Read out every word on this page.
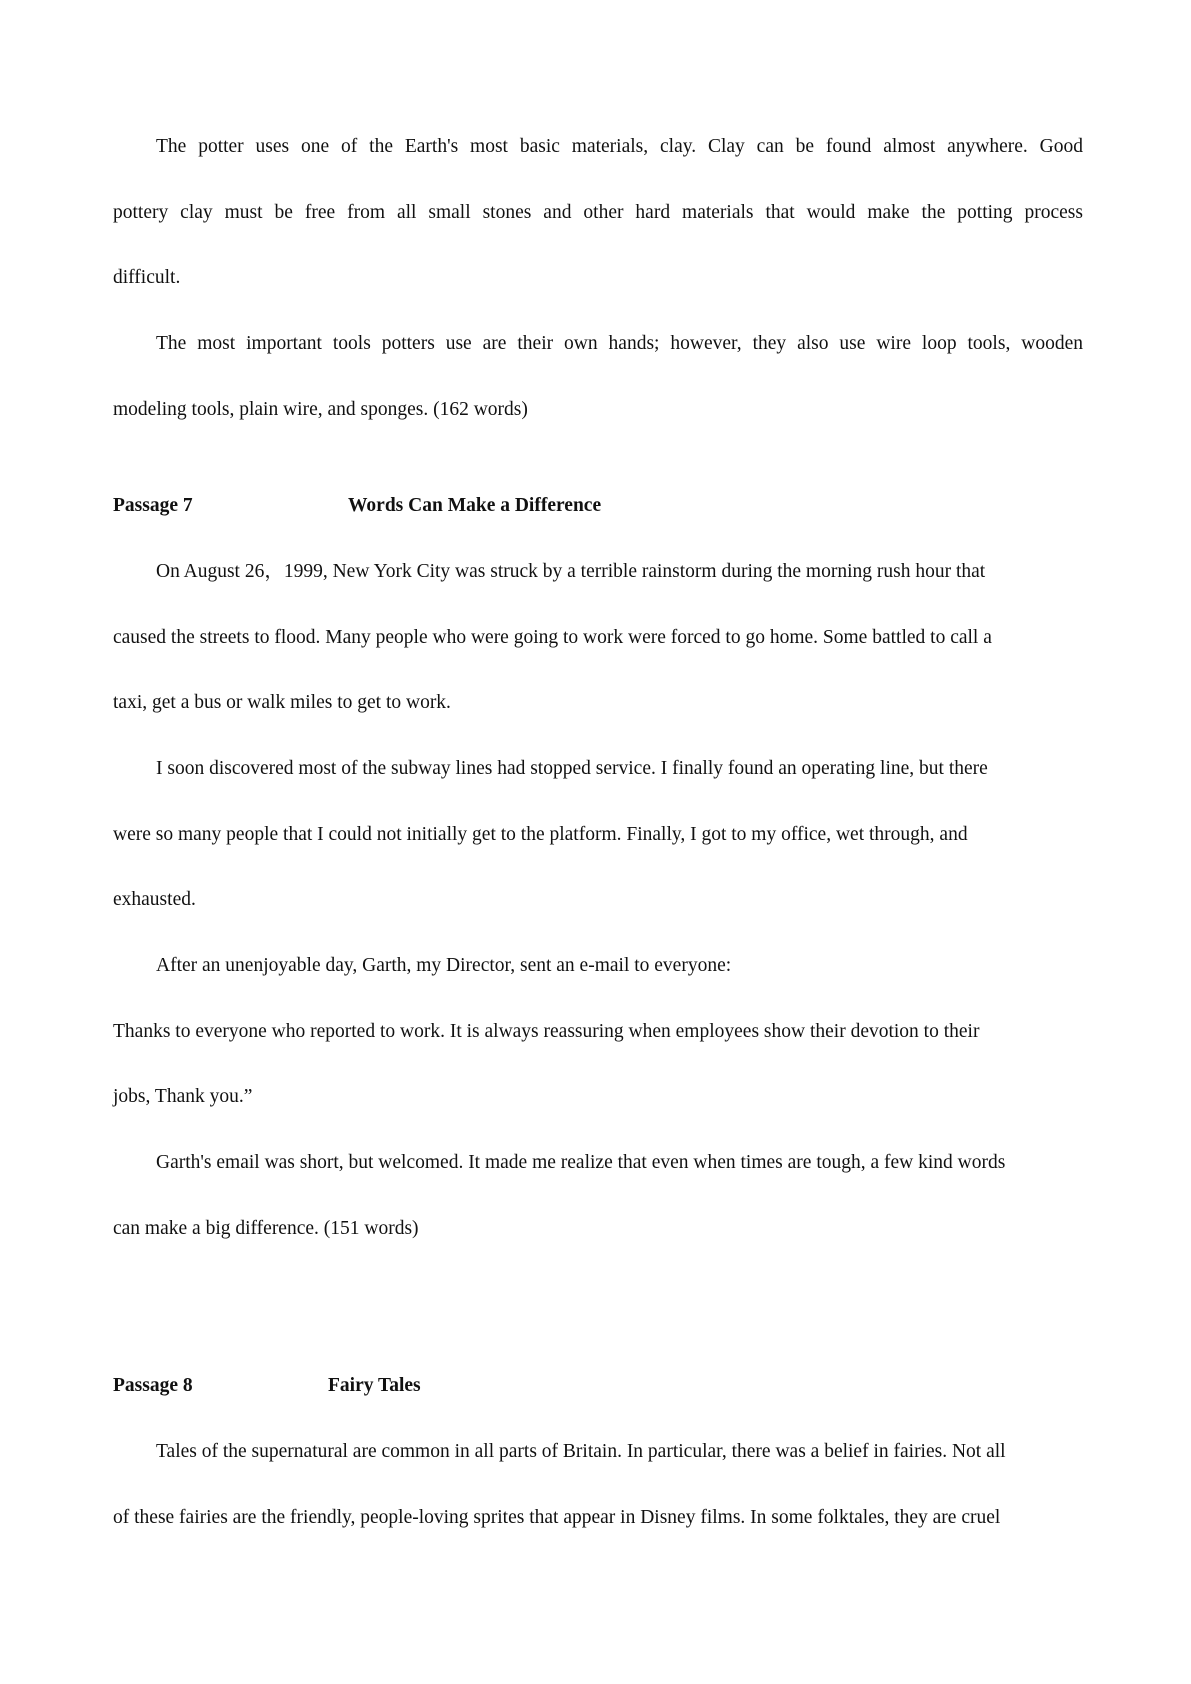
The potter uses one of the Earth's most basic materials, clay. Clay can be found almost anywhere. Good
pottery clay must be free from all small stones and other hard materials that would make the potting process
difficult.
The most important tools potters use are their own hands; however, they also use wire loop tools, wooden
modeling tools, plain wire, and sponges. (162 words)
Passage 7	Words Can Make a Difference
On August 26，1999, New York City was struck by a terrible rainstorm during the morning rush hour that
caused the streets to flood. Many people who were going to work were forced to go home. Some battled to call a
taxi, get a bus or walk miles to get to work.
I soon discovered most of the subway lines had stopped service. I finally found an operating line, but there
were so many people that I could not initially get to the platform. Finally, I got to my office, wet through, and
exhausted.
After an unenjoyable day, Garth, my Director, sent an e-mail to everyone:
Thanks to everyone who reported to work. It is always reassuring when employees show their devotion to their
jobs, Thank you.”
Garth's email was short, but welcomed. It made me realize that even when times are tough, a few kind words
can make a big difference. (151 words)
Passage 8	Fairy Tales
Tales of the supernatural are common in all parts of Britain. In particular, there was a belief in fairies. Not all
of these fairies are the friendly, people-loving sprites that appear in Disney films. In some folktales, they are cruel
